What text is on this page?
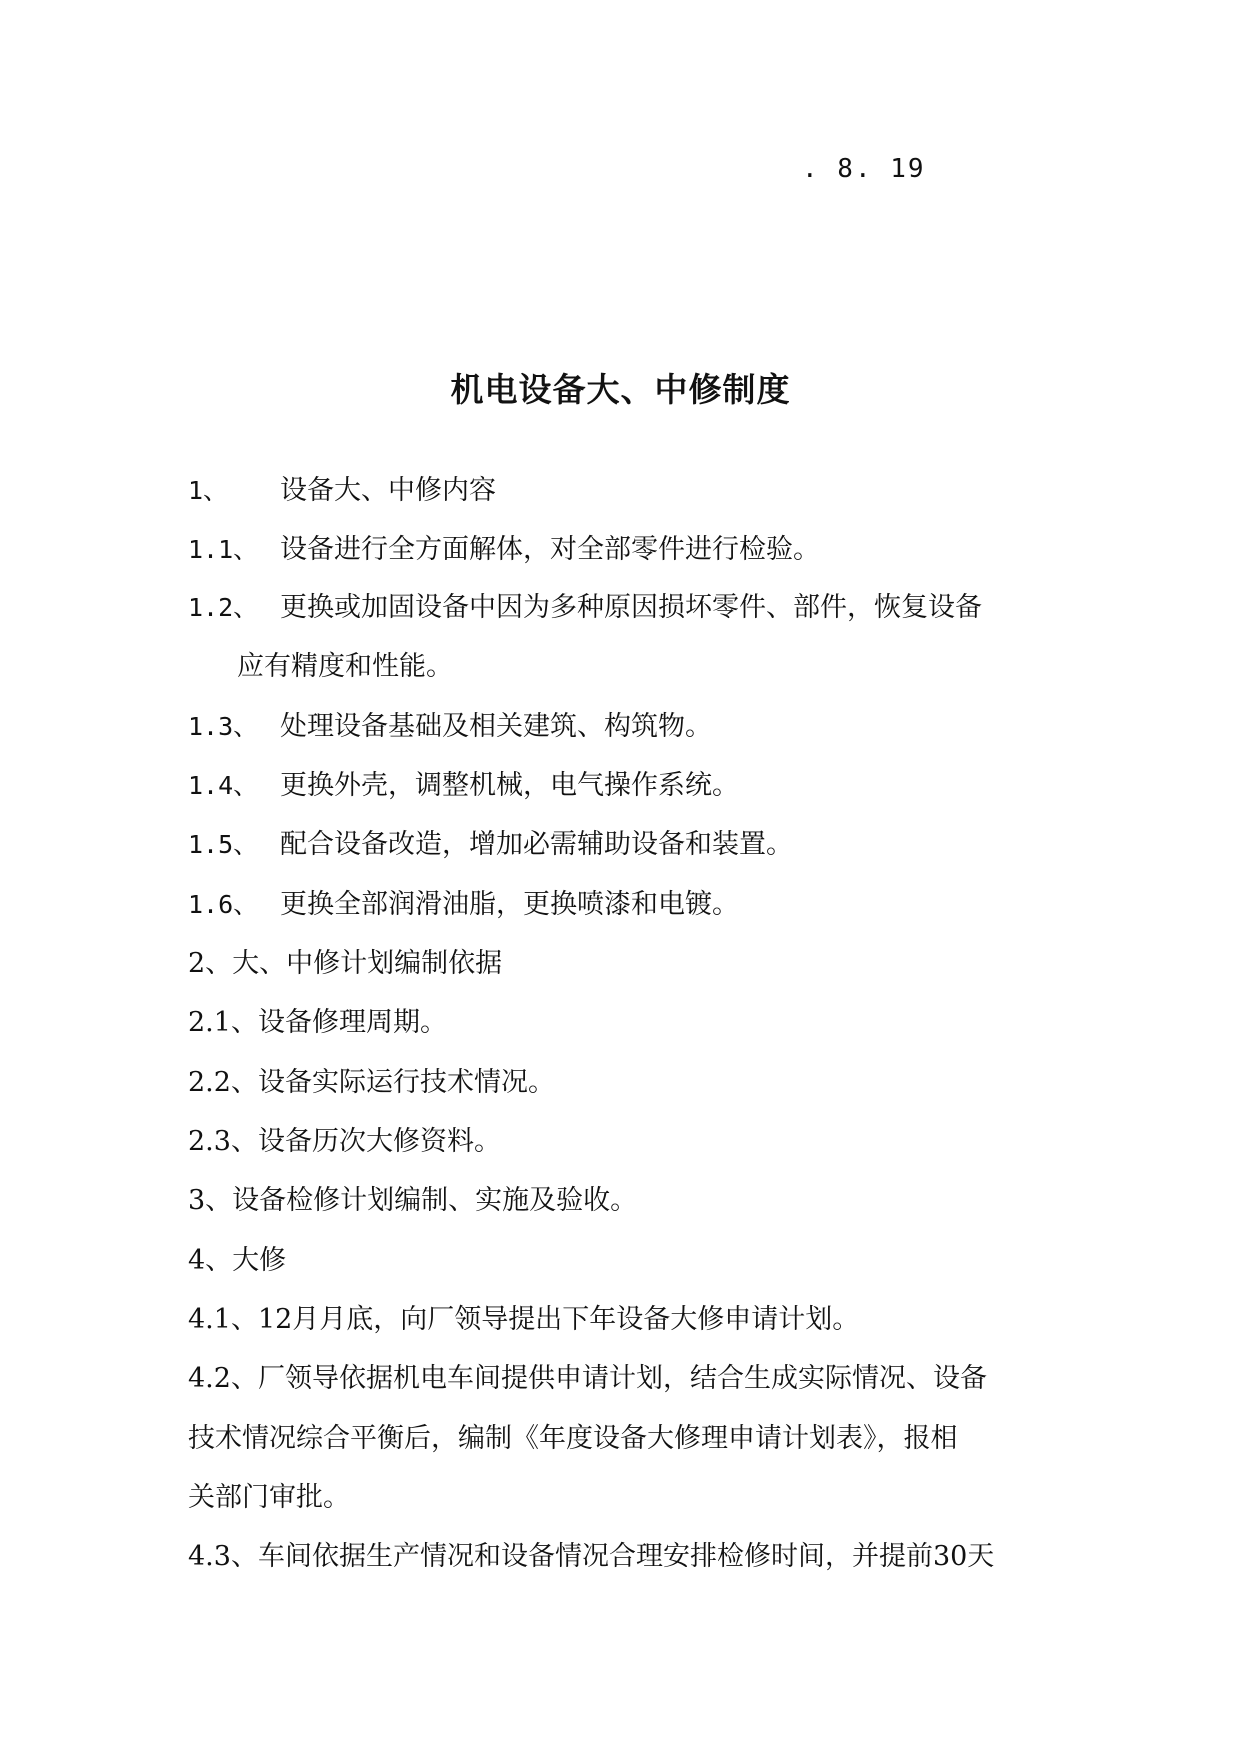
. 8. 19
机电设备大、中修制度
1、 设备大、中修内容
1.1、 设备进行全方面解体，对全部零件进行检验。
1.2、 更换或加固设备中因为多种原因损坏零件、部件，恢复设备
应有精度和性能。
1.3、 处理设备基础及相关建筑、构筑物。
1.4、 更换外壳，调整机械，电气操作系统。
1.5、 配合设备改造，增加必需辅助设备和装置。
1.6、 更换全部润滑油脂，更换喷漆和电镀。
2、大、中修计划编制依据
2.1、设备修理周期。
2.2、设备实际运行技术情况。
2.3、设备历次大修资料。
3、设备检修计划编制、实施及验收。
4、大修
4.1、12月月底，向厂领导提出下年设备大修申请计划。
4.2、厂领导依据机电车间提供申请计划，结合生成实际情况、设备
技术情况综合平衡后，编制《年度设备大修理申请计划表》，报相
关部门审批。
4.3、车间依据生产情况和设备情况合理安排检修时间，并提前30天
